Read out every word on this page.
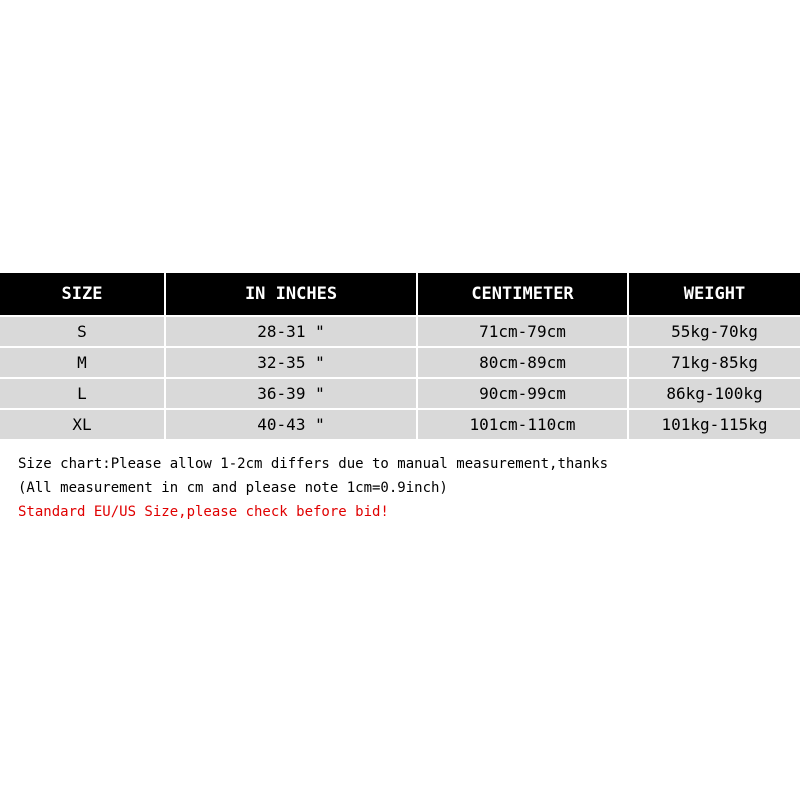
SIZE	IN INCHES	CENTIMETER	WEIGHT
S	28-31 "	71cm-79cm	55kg-70kg
M	32-35 "	80cm-89cm	71kg-85kg
L	36-39 "	90cm-99cm	86kg-100kg
XL	40-43 "	101cm-110cm	101kg-115kg
Size chart:Please allow 1-2cm differs due to manual measurement,thanks
(All measurement in cm and please note 1cm=0.9inch)
Standard EU/US Size,please check before bid!
